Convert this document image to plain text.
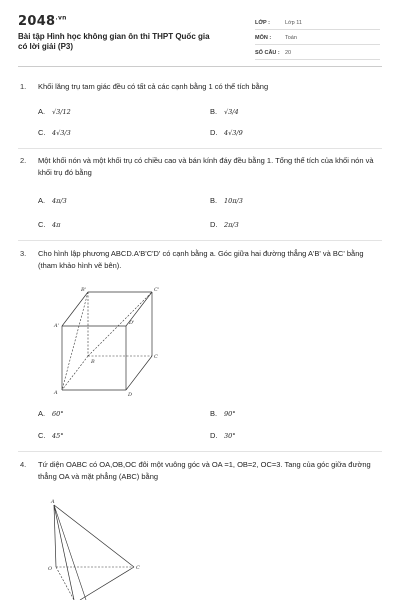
$2048^{.vn}$
Bài tập Hình học không gian ôn thi THPT Quốc gia có lời giải (P3)
LỚP :	Lớp 11
MÔN :	Toán
SỐ CÂU : 20
1.	Khối lăng trụ tam giác đều có tất cả các cạnh bằng 1 có thể tích bằng
A.	√3/12	B.	√3/4
C.	4√3/3	D.	4√3/9
2.	Một khối nón và một khối trụ có chiều cao và bán kính đáy đều bằng 1. Tổng thể tích của khối nón và khối trụ đó bằng
A.	4π/3	B.	10π/3
C.	4π	D.	2π/3
3.	Cho hình lập phương ABCD.A'B'C'D' có cạnh bằng a. Góc giữa hai đường thẳng A'B' và BC' bằng (tham khảo hình vẽ bên).
B'	C'
A'	D'
B
C
A	D
A.	60°	B.	90°
C.	45°	D.	30°
4.	Tứ diện OABC có OA,OB,OC đôi một vuông góc và OA =1, OB=2, OC=3. Tang của góc giữa đường thẳng OA và mặt phẳng (ABC) bằng
A
O	C
